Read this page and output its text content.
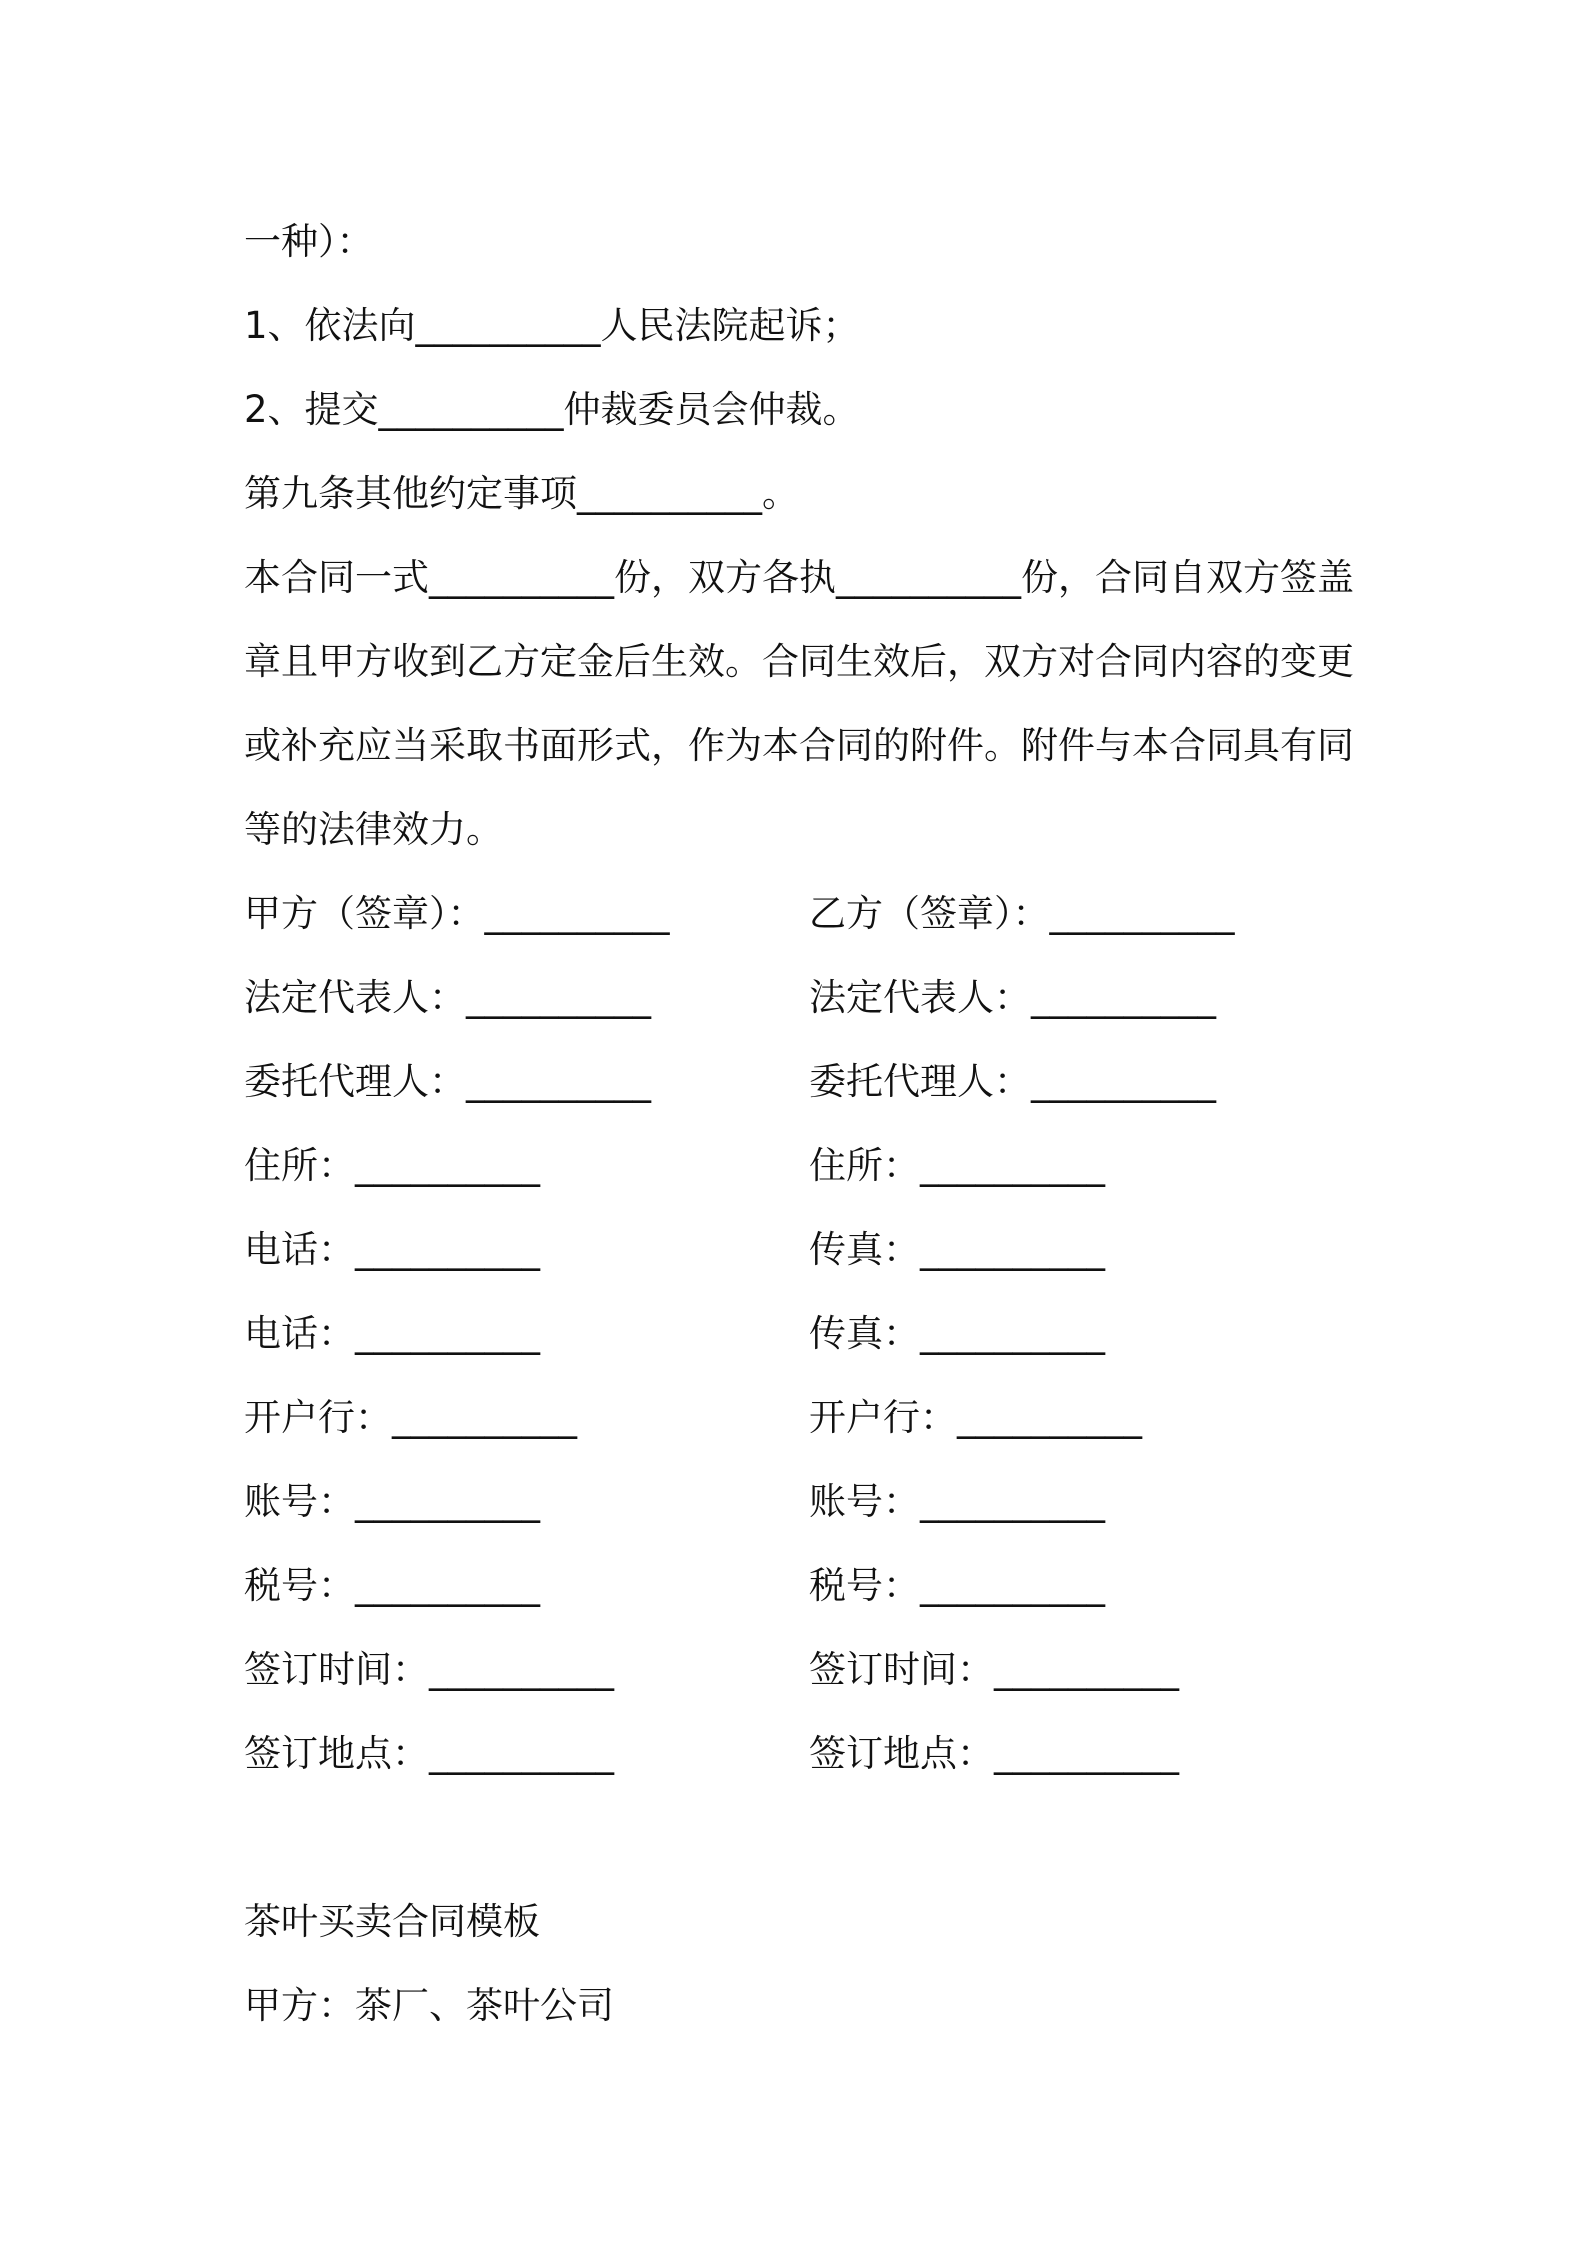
一种）：
1、依法向__________人民法院起诉；
2、提交__________仲裁委员会仲裁。
第九条其他约定事项__________。
本合同一式__________份，双方各执__________份，合同自双方签盖
章且甲方收到乙方定金后生效。合同生效后，双方对合同内容的变更
或补充应当采取书面形式，作为本合同的附件。附件与本合同具有同
等的法律效力。
甲方（签章）：__________	乙方（签章）：__________
法定代表人：__________	法定代表人：__________
委托代理人：__________	委托代理人：__________
住所：__________	住所：__________
电话：__________	传真：__________
电话：__________	传真：__________
开户行：__________	开户行：__________
账号：__________	账号：__________
税号：__________	税号：__________
签订时间：__________	签订时间：__________
签订地点：__________	签订地点：__________
茶叶买卖合同模板
甲方：茶厂、茶叶公司
